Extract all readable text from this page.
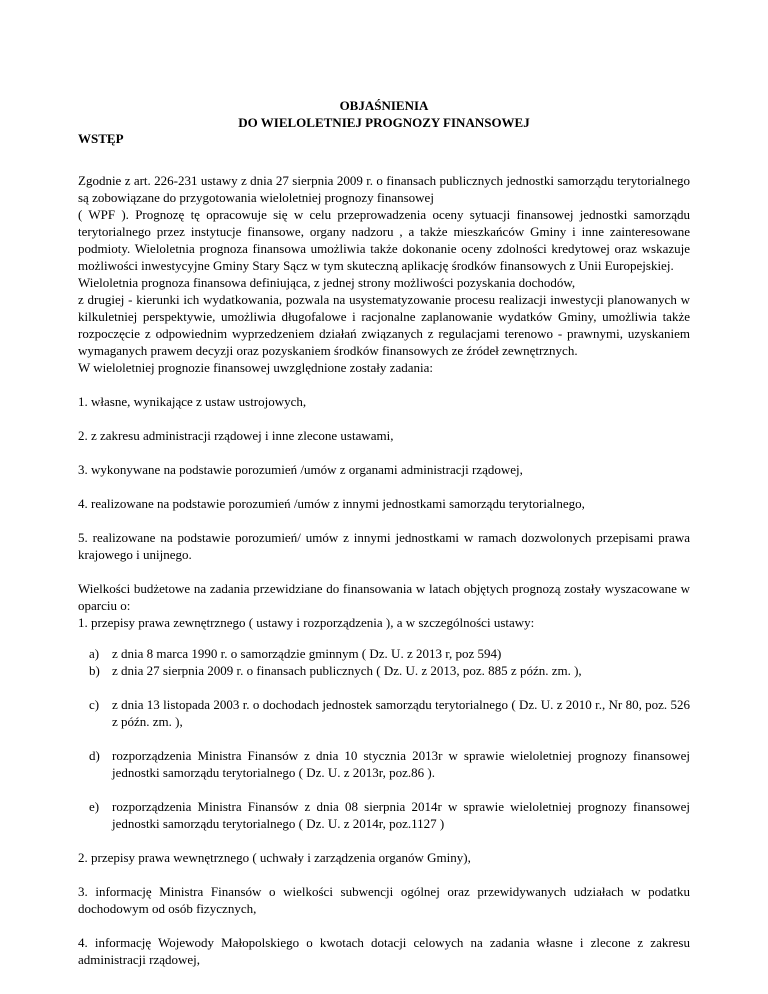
OBJAŚNIENIA
DO WIELOLETNIEJ PROGNOZY FINANSOWEJ
WSTĘP

Zgodnie z art. 226-231 ustawy z dnia 27 sierpnia 2009 r. o finansach publicznych jednostki samorządu terytorialnego są zobowiązane do przygotowania wieloletniej prognozy finansowej

( WPF ). Prognozę tę opracowuje się w celu przeprowadzenia oceny sytuacji finansowej jednostki samorządu terytorialnego przez instytucje finansowe, organy nadzoru , a także mieszkańców Gminy i inne zainteresowane podmioty. Wieloletnia prognoza finansowa umożliwia także dokonanie oceny zdolności kredytowej oraz wskazuje możliwości inwestycyjne Gminy Stary Sącz w tym skuteczną aplikację środków finansowych z Unii Europejskiej.

Wieloletnia prognoza finansowa definiująca, z jednej strony możliwości pozyskania dochodów,

z drugiej - kierunki ich wydatkowania, pozwala na usystematyzowanie procesu realizacji inwestycji planowanych w kilkuletniej perspektywie, umożliwia długofalowe i racjonalne zaplanowanie wydatków Gminy, umożliwia także rozpoczęcie z odpowiednim wyprzedzeniem działań związanych z regulacjami terenowo - prawnymi, uzyskaniem wymaganych prawem decyzji oraz pozyskaniem środków finansowych ze źródeł zewnętrznych.

W wieloletniej prognozie finansowej uwzględnione zostały zadania:

1. własne, wynikające z ustaw ustrojowych,

2. z zakresu administracji rządowej i inne zlecone ustawami,

3. wykonywane na podstawie porozumień /umów z organami administracji rządowej,

4. realizowane na podstawie porozumień /umów z innymi jednostkami samorządu terytorialnego,

5. realizowane na podstawie porozumień/ umów z innymi jednostkami w ramach dozwolonych przepisami prawa krajowego i unijnego.

Wielkości budżetowe na zadania przewidziane do finansowania w latach objętych prognozą zostały wyszacowane w oparciu o:

1. przepisy prawa zewnętrznego ( ustawy i rozporządzenia ), a w szczególności ustawy:

a) z dnia 8 marca 1990 r. o samorządzie gminnym ( Dz. U. z 2013 r, poz 594)
b) z dnia 27 sierpnia 2009 r. o finansach publicznych ( Dz. U. z 2013, poz. 885 z późn. zm. ),
c) z dnia 13 listopada 2003 r. o dochodach jednostek samorządu terytorialnego ( Dz. U. z 2010 r., Nr 80, poz. 526 z późn. zm. ),
d) rozporządzenia Ministra Finansów z dnia 10 stycznia 2013r w sprawie wieloletniej prognozy finansowej jednostki samorządu terytorialnego ( Dz. U. z 2013r, poz.86 ).
e) rozporządzenia Ministra Finansów z dnia 08 sierpnia 2014r w sprawie wieloletniej prognozy finansowej jednostki samorządu terytorialnego ( Dz. U. z 2014r, poz.1127 )

2. przepisy prawa wewnętrznego ( uchwały i zarządzenia organów Gminy),

3. informację Ministra Finansów o wielkości subwencji ogólnej oraz przewidywanych udziałach w podatku dochodowym od osób fizycznych,

4. informację Wojewody Małopolskiego o kwotach dotacji celowych na zadania własne i zlecone z zakresu administracji rządowej,
